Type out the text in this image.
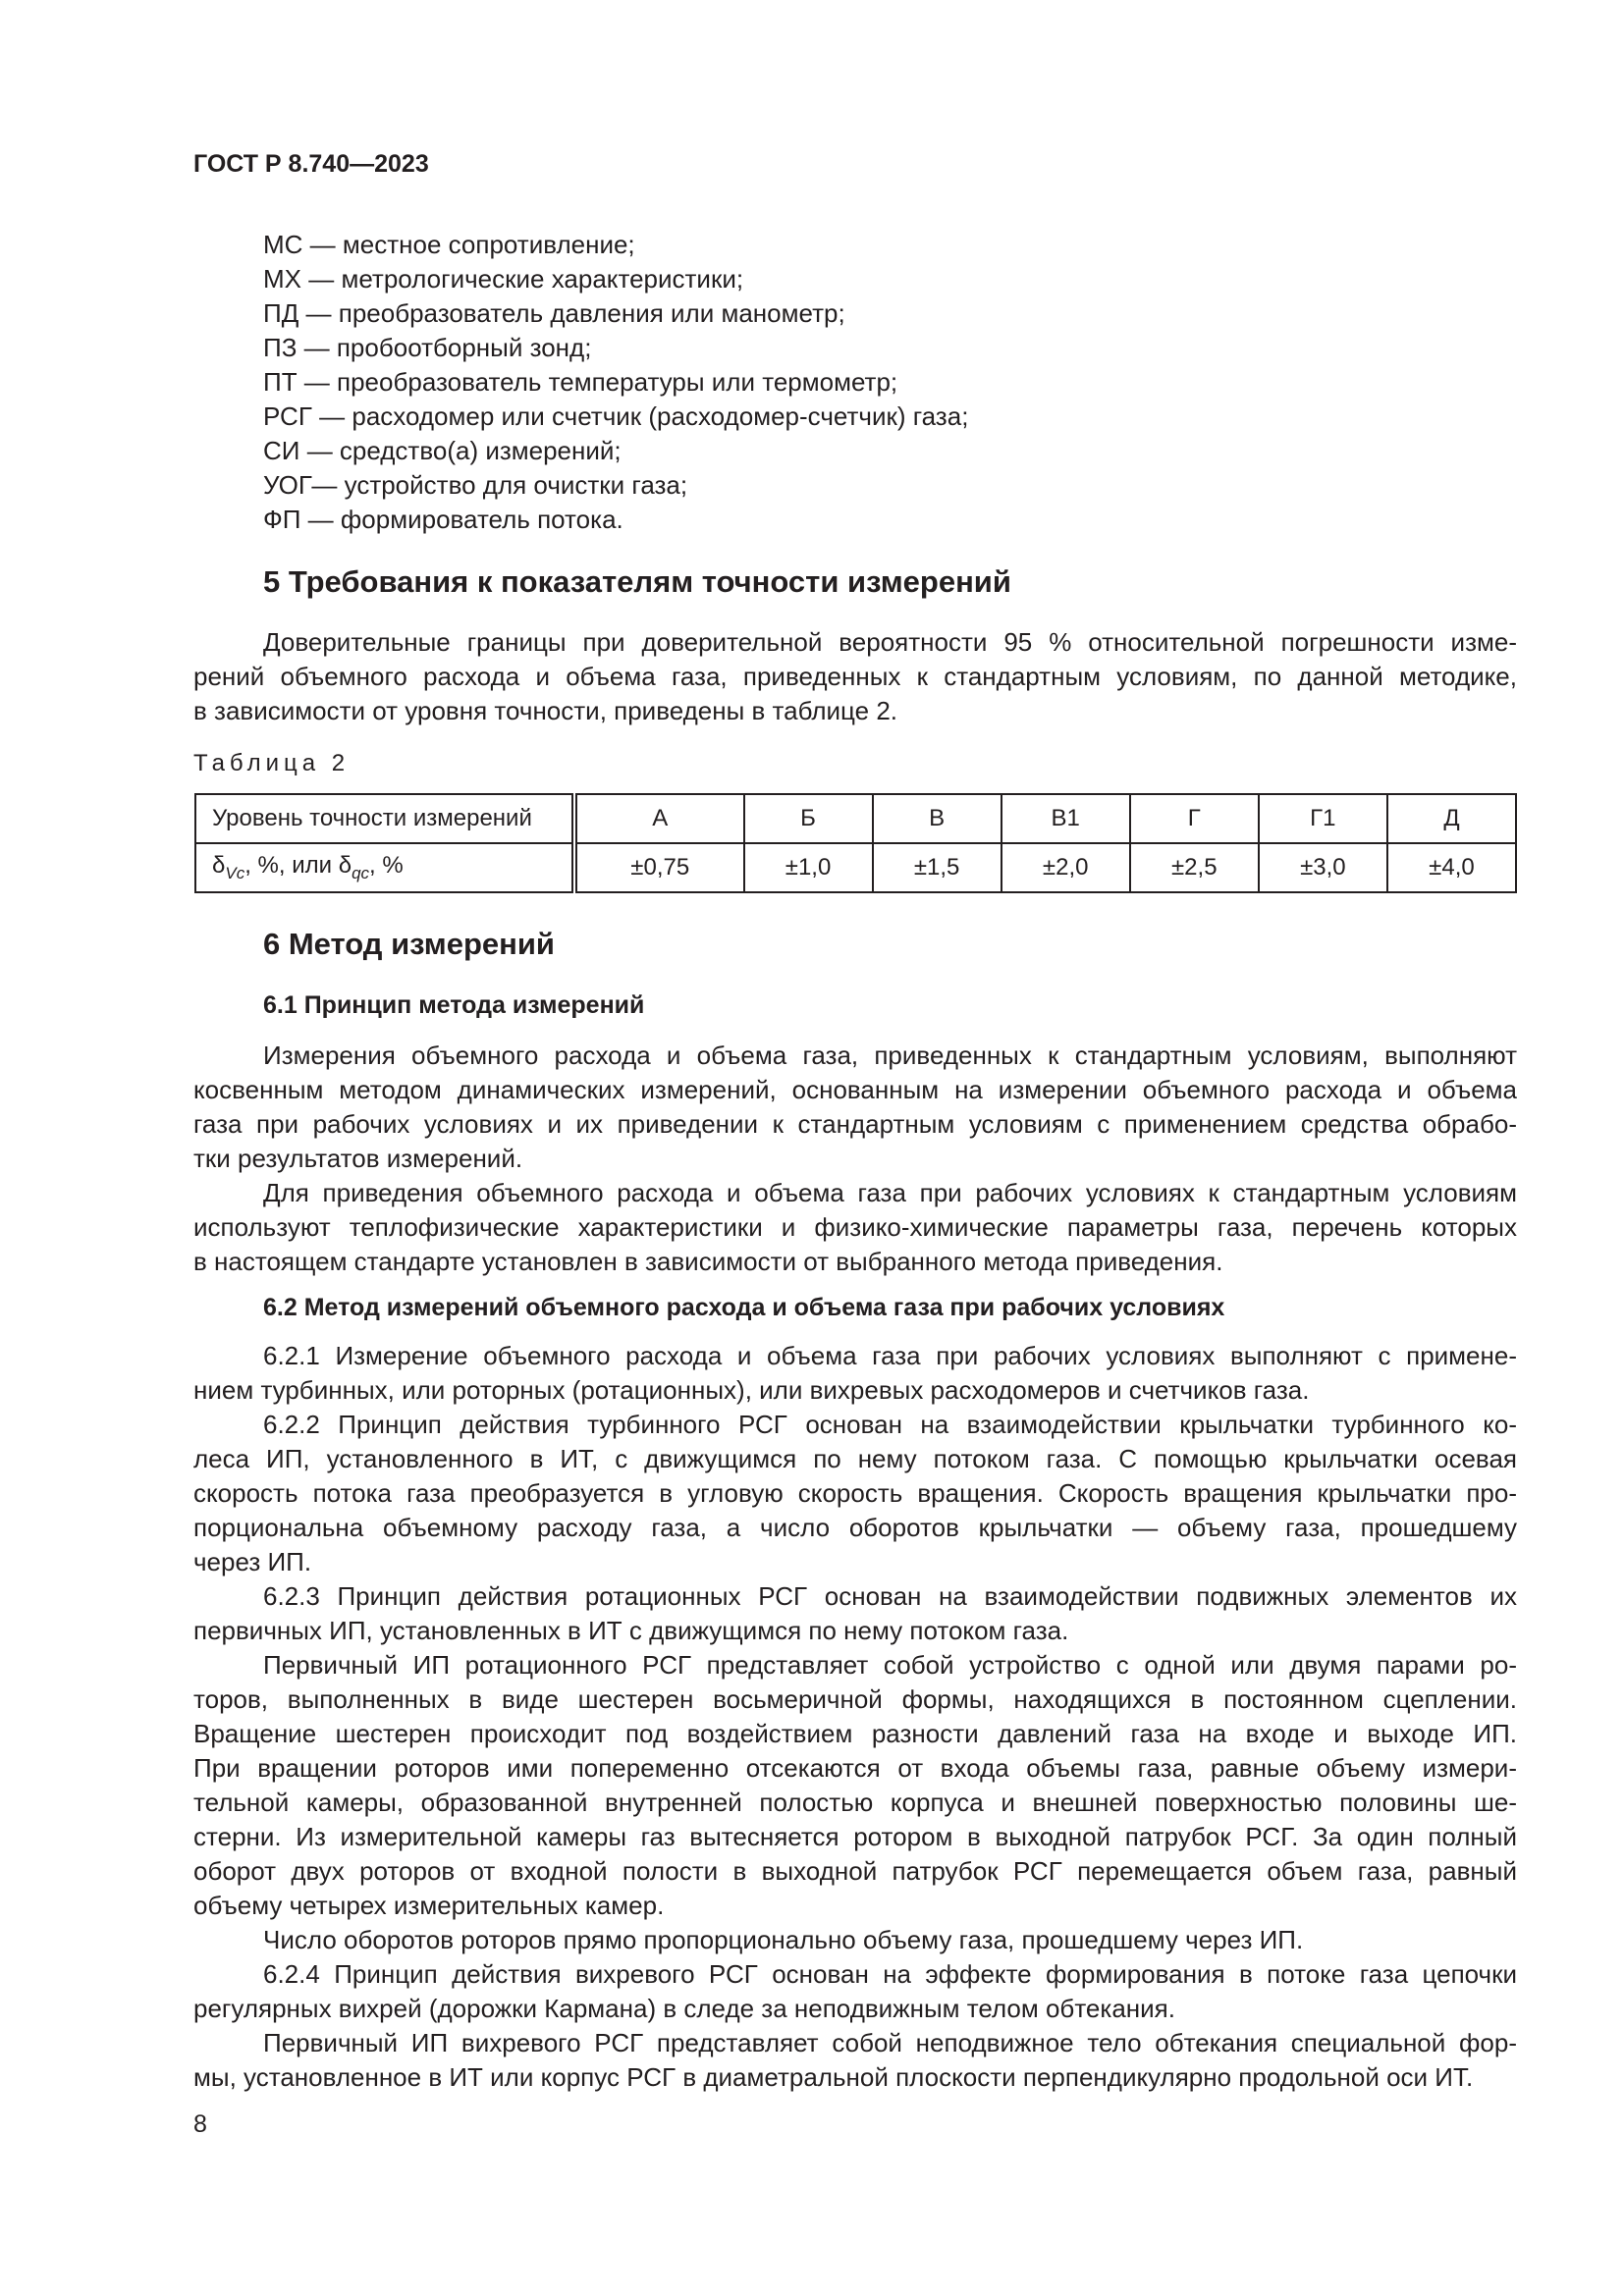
ГОСТ Р 8.740—2023
МС — местное сопротивление;
МХ — метрологические характеристики;
ПД — преобразователь давления или манометр;
ПЗ — пробоотборный зонд;
ПТ — преобразователь температуры или термометр;
РСГ — расходомер или счетчик (расходомер-счетчик) газа;
СИ — средство(а) измерений;
УОГ— устройство для очистки газа;
ФП — формирователь потока.
5 Требования к показателям точности измерений
Доверительные границы при доверительной вероятности 95 % относительной погрешности изме-
рений объемного расхода и объема газа, приведенных к стандартным условиям, по данной методике,
в зависимости от уровня точности, приведены в таблице 2.
Таблица 2
Уровень точности измерений	А	Б	В	В1	Г	Г1	Д
$\delta_{Vc}$, %, или $\delta_{qc}$, %	±0,75	±1,0	±1,5	±2,0	±2,5	±3,0	±4,0
6 Метод измерений
6.1 Принцип метода измерений
Измерения объемного расхода и объема газа, приведенных к стандартным условиям, выполняют
косвенным методом динамических измерений, основанным на измерении объемного расхода и объема
газа при рабочих условиях и их приведении к стандартным условиям с применением средства обрабо-
тки результатов измерений.
Для приведения объемного расхода и объема газа при рабочих условиях к стандартным условиям
используют теплофизические характеристики и физико-химические параметры газа, перечень которых
в настоящем стандарте установлен в зависимости от выбранного метода приведения.
6.2 Метод измерений объемного расхода и объема газа при рабочих условиях
6.2.1 Измерение объемного расхода и объема газа при рабочих условиях выполняют с примене-
нием турбинных, или роторных (ротационных), или вихревых расходомеров и счетчиков газа.
6.2.2 Принцип действия турбинного РСГ основан на взаимодействии крыльчатки турбинного ко-
леса ИП, установленного в ИТ, с движущимся по нему потоком газа. С помощью крыльчатки осевая
скорость потока газа преобразуется в угловую скорость вращения. Скорость вращения крыльчатки про-
порциональна объемному расходу газа, а число оборотов крыльчатки — объему газа, прошедшему
через ИП.
6.2.3 Принцип действия ротационных РСГ основан на взаимодействии подвижных элементов их
первичных ИП, установленных в ИТ с движущимся по нему потоком газа.
Первичный ИП ротационного РСГ представляет собой устройство с одной или двумя парами ро-
торов, выполненных в виде шестерен восьмеричной формы, находящихся в постоянном сцеплении.
Вращение шестерен происходит под воздействием разности давлений газа на входе и выходе ИП.
При вращении роторов ими попеременно отсекаются от входа объемы газа, равные объему измери-
тельной камеры, образованной внутренней полостью корпуса и внешней поверхностью половины ше-
стерни. Из измерительной камеры газ вытесняется ротором в выходной патрубок РСГ. За один полный
оборот двух роторов от входной полости в выходной патрубок РСГ перемещается объем газа, равный
объему четырех измерительных камер.
Число оборотов роторов прямо пропорционально объему газа, прошедшему через ИП.
6.2.4 Принцип действия вихревого РСГ основан на эффекте формирования в потоке газа цепочки
регулярных вихрей (дорожки Кармана) в следе за неподвижным телом обтекания.
Первичный ИП вихревого РСГ представляет собой неподвижное тело обтекания специальной фор-
мы, установленное в ИТ или корпус РСГ в диаметральной плоскости перпендикулярно продольной оси ИТ.
8
